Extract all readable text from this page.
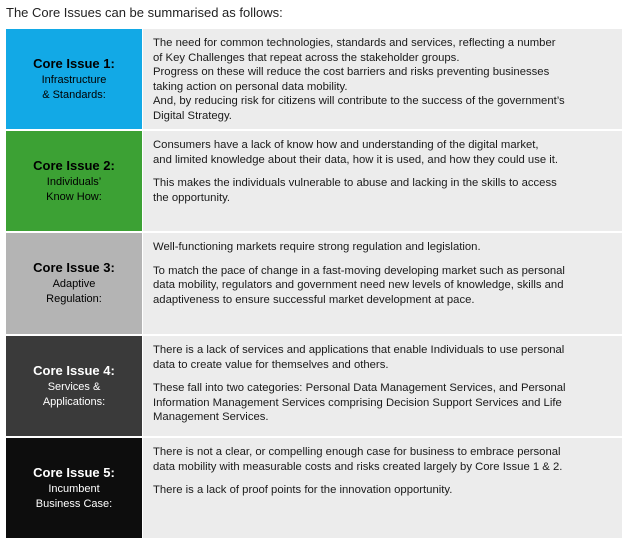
The Core Issues can be summarised as follows:
Core Issue 1:
Infrastructure
& Standards:

The need for common technologies, standards and services, reflecting a number
of Key Challenges that repeat across the stakeholder groups.
Progress on these will reduce the cost barriers and risks preventing businesses
taking action on personal data mobility.
And, by reducing risk for citizens will contribute to the success of the government’s
Digital Strategy.

Core Issue 2:
Individuals’
Know How:

Consumers have a lack of know how and understanding of the digital market,
and limited knowledge about their data, how it is used, and how they could use it.

This makes the individuals vulnerable to abuse and lacking in the skills to access
the opportunity.

Core Issue 3:
Adaptive
Regulation:

Well-functioning markets require strong regulation and legislation.

To match the pace of change in a fast-moving developing market such as personal
data mobility, regulators and government need new levels of knowledge, skills and
adaptiveness to ensure successful market development at pace.

Core Issue 4:
Services &
Applications:

There is a lack of services and applications that enable Individuals to use personal
data to create value for themselves and others.

These fall into two categories: Personal Data Management Services, and Personal
Information Management Services comprising Decision Support Services and Life
Management Services.

Core Issue 5:
Incumbent
Business Case:

There is not a clear, or compelling enough case for business to embrace personal
data mobility with measurable costs and risks created largely by Core Issue 1 & 2.

There is a lack of proof points for the innovation opportunity.
